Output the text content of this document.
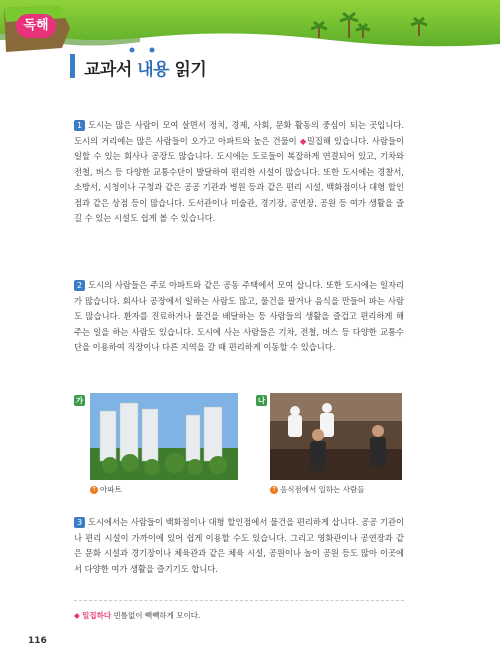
독해
교과서 내용 읽기
1 도시는 많은 사람이 모여 살면서 정치, 경제, 사회, 문화 활동의 중심이 되는 곳입니다. 도시의 거리에는 많은 사람들이 오가고 아파트와 높은 건물이 ◆밀집해 있습니다. 사람들이 일할 수 있는 회사나 공장도 많습니다. 도시에는 도로들이 복잡하게 연결되어 있고, 기차와 전철, 버스 등 다양한 교통수단이 발달하여 편리한 시설이 많습니다. 또한 도시에는 경찰서, 소방서, 시청이나 구청과 같은 공공 기관과 병원 등과 같은 편리 시설, 백화점이나 대형 할인점과 같은 상점 등이 많습니다. 도서관이나 미술관, 경기장, 공연장, 공원 등 여가 생활을 즐길 수 있는 시설도 쉽게 볼 수 있습니다.
2 도시의 사람들은 주로 아파트와 같은 공동 주택에서 모여 삽니다. 또한 도시에는 일자리가 많습니다. 회사나 공장에서 일하는 사람도 많고, 물건을 팔거나 음식을 만들어 파는 사람도 많습니다. 환자를 진료하거나 물건을 배달하는 등 사람들의 생활을 즐겁고 편리하게 해 주는 일을 하는 사람도 있습니다. 도시에 사는 사람들은 기차, 전철, 버스 등 다양한 교통수단을 이용하여 직장이나 다른 지역을 갈 때 편리하게 이동할 수 있습니다.
가	나
↑ 아파트	↑ 음식점에서 일하는 사람들
3 도시에서는 사람들이 백화점이나 대형 할인점에서 물건을 편리하게 삽니다. 공공 기관이나 편리 시설이 가까이에 있어 쉽게 이용할 수도 있습니다. 그리고 영화관이나 공연장과 같은 문화 시설과 경기장이나 체육관과 같은 체육 시설, 공원이나 놀이 공원 등도 많아 이곳에서 다양한 여가 생활을 즐기기도 합니다.
◆ 밀집하다 빈틈없이 빽빽하게 모이다.
116
